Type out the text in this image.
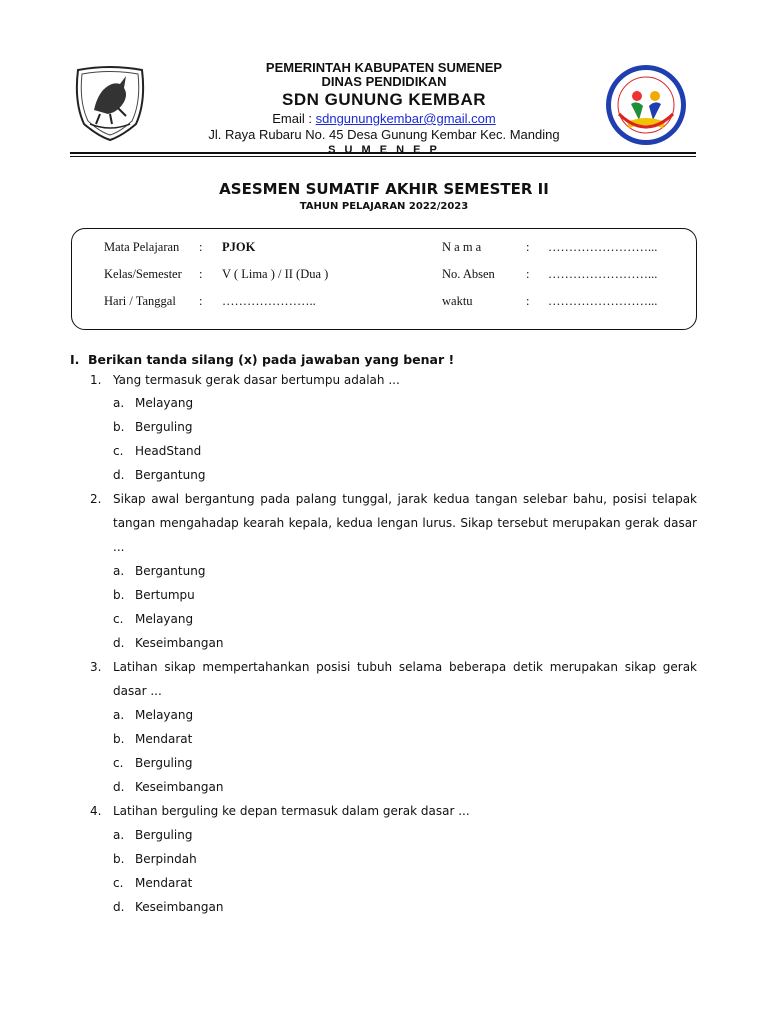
PEMERINTAH KABUPATEN SUMENEP
DINAS PENDIDIKAN
SDN GUNUNG KEMBAR
Email : sdngunungkembar@gmail.com
Jl. Raya Rubaru No. 45 Desa Gunung Kembar Kec. Manding
S U M E N E P
ASESMEN SUMATIF AKHIR SEMESTER II
TAHUN PELAJARAN 2022/2023
Mata Pelajaran : PJOK	N a m a	: ……………………...
Kelas/Semester : V ( Lima ) / II (Dua )	No. Absen : ……………………...
Hari / Tanggal : …………………..	waktu	: ……………………...
I. Berikan tanda silang (x) pada jawaban yang benar !
1. Yang termasuk gerak dasar bertumpu adalah ...
a. Melayang
b. Berguling
c. HeadStand
d. Bergantung
2. Sikap awal bergantung pada palang tunggal, jarak kedua tangan selebar bahu, posisi telapak tangan mengahadap kearah kepala, kedua lengan lurus. Sikap tersebut merupakan gerak dasar ...
a. Bergantung
b. Bertumpu
c. Melayang
d. Keseimbangan
3. Latihan sikap mempertahankan posisi tubuh selama beberapa detik merupakan sikap gerak dasar ...
a. Melayang
b. Mendarat
c. Berguling
d. Keseimbangan
4. Latihan berguling ke depan termasuk dalam gerak dasar ...
a. Berguling
b. Berpindah
c. Mendarat
d. Keseimbangan
